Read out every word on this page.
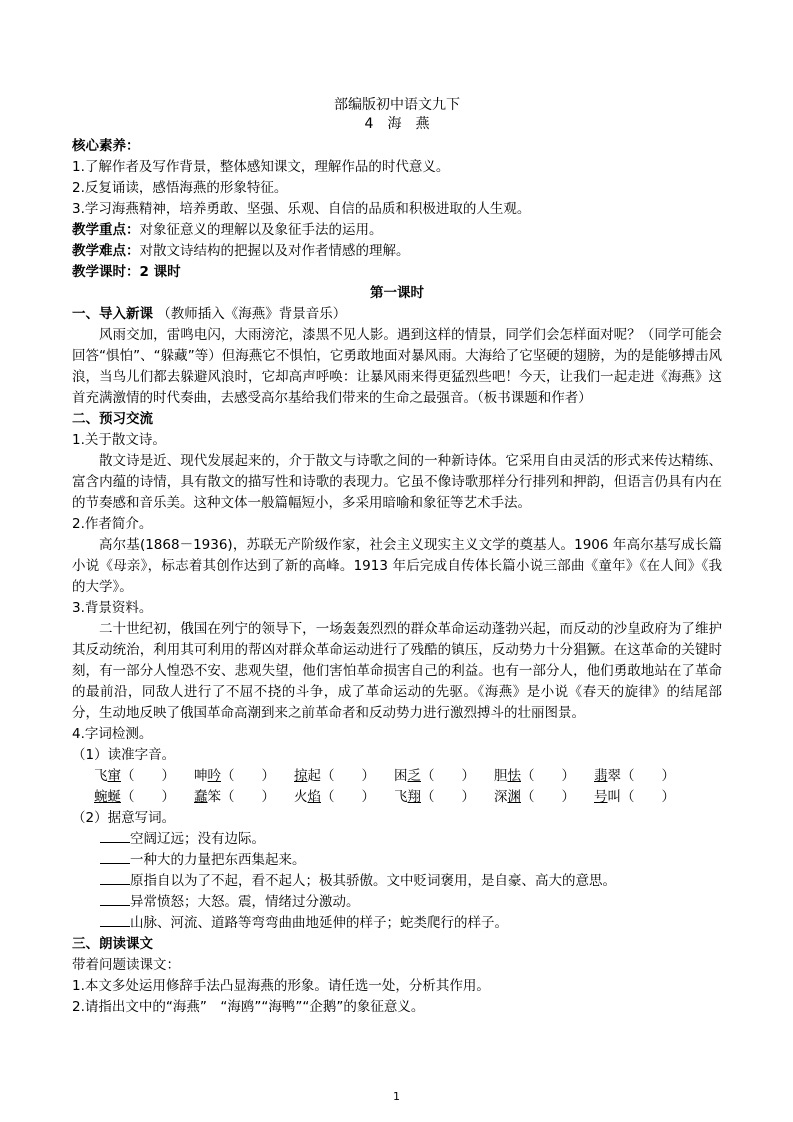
部编版初中语文九下
4　海　燕
核心素养：
1.了解作者及写作背景，整体感知课文，理解作品的时代意义。
2.反复诵读，感悟海燕的形象特征。
3.学习海燕精神，培养勇敢、坚强、乐观、自信的品质和积极进取的人生观。
教学重点：对象征意义的理解以及象征手法的运用。
教学难点：对散文诗结构的把握以及对作者情感的理解。
教学课时：2 课时
第一课时
一、导入新课 （教师插入《海燕》背景音乐）
风雨交加，雷鸣电闪，大雨滂沱，漆黑不见人影。遇到这样的情景，同学们会怎样面对呢？（同学可能会回答“惧怕”、“躲藏”等）但海燕它不惧怕，它勇敢地面对暴风雨。大海给了它坚硬的翅膀，为的是能够搏击风浪，当鸟儿们都去躲避风浪时，它却高声呼唤：让暴风雨来得更猛烈些吧！今天，让我们一起走进《海燕》这首充满激情的时代奏曲，去感受高尔基给我们带来的生命之最强音。（板书课题和作者）
二、预习交流
1.关于散文诗。
散文诗是近、现代发展起来的，介于散文与诗歌之间的一种新诗体。它采用自由灵活的形式来传达精练、富含内蕴的诗情，具有散文的描写性和诗歌的表现力。它虽不像诗歌那样分行排列和押韵，但语言仍具有内在的节奏感和音乐美。这种文体一般篇幅短小，多采用暗喻和象征等艺术手法。
2.作者简介。
高尔基(1868－1936)，苏联无产阶级作家，社会主义现实主义文学的奠基人。1906 年高尔基写成长篇小说《母亲》，标志着其创作达到了新的高峰。1913 年后完成自传体长篇小说三部曲《童年》《在人间》《我的大学》。
3.背景资料。
二十世纪初，俄国在列宁的领导下，一场轰轰烈烈的群众革命运动蓬勃兴起，而反动的沙皇政府为了维护其反动统治，利用其可利用的帮凶对群众革命运动进行了残酷的镇压，反动势力十分猖獗。在这革命的关键时刻，有一部分人惶恐不安、悲观失望，他们害怕革命损害自己的利益。也有一部分人，他们勇敢地站在了革命的最前沿，同敌人进行了不屈不挠的斗争，成了革命运动的先驱。《海燕》是小说《春天的旋律》的结尾部分，生动地反映了俄国革命高潮到来之前革命者和反动势力进行激烈搏斗的壮丽图景。
4.字词检测。
（1）读准字音。
飞窜（　　）	呻吟（　　）	掠起（　　）	困乏（　　）	胆怯（　　）	翡翠（　　）
蜿蜒（　　）	蠢笨（　　）	火焰（　　）	飞翔（　　）	深渊（　　）	号叫（　　）
（2）据意写词。
空阔辽远；没有边际。
一种大的力量把东西集起来。
原指自以为了不起，看不起人；极其骄傲。文中贬词褒用，是自豪、高大的意思。
异常愤怒；大怒。震，情绪过分激动。
山脉、河流、道路等弯弯曲曲地延伸的样子；蛇类爬行的样子。
三、朗读课文
带着问题读课文：
1.本文多处运用修辞手法凸显海燕的形象。请任选一处，分析其作用。
2.请指出文中的“海燕”　“海鸥”“海鸭”“企鹅”的象征意义。
1
